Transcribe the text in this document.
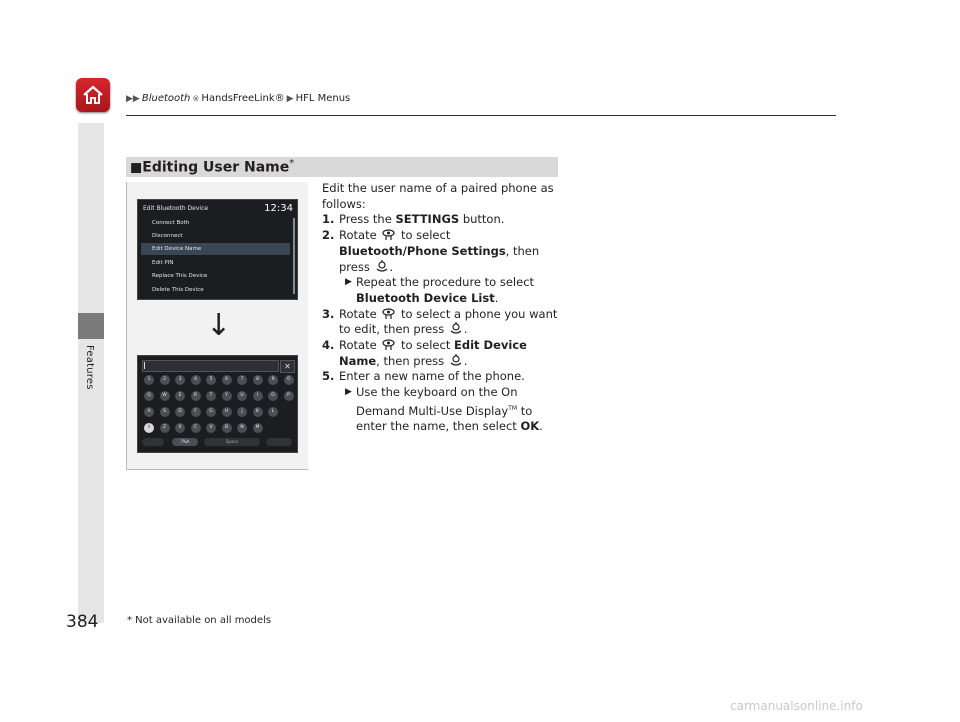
▶▶ Bluetooth ® HandsFreeLink® ▶ HFL Menus
Features
■Editing User Name*
Edit Bluetooth Device	12:34
Connect Both
Disconnect
Edit Device Name
Edit PIN
Replace This Device
Delete This Device
↓
✕
?%A	Space
1	2	3	4	5	6	7	8	9	0
Q	W	E	R	T	Y	U	I	O	P
A	S	D	F	G	H	J	K	L
⇧	Z	X	C	V	B	N	M
Edit the user name of a paired phone as follows:
1. Press the SETTINGS button.
2. Rotate  to select Bluetooth/Phone Settings, then press .
▶ Repeat the procedure to select Bluetooth Device List.
3. Rotate  to select a phone you want to edit, then press .
4. Rotate  to select Edit Device Name, then press .
5. Enter a new name of the phone.
▶ Use the keyboard on the On Demand Multi-Use Display™ to enter the name, then select OK.
384	* Not available on all models
carmanualsonline.info
